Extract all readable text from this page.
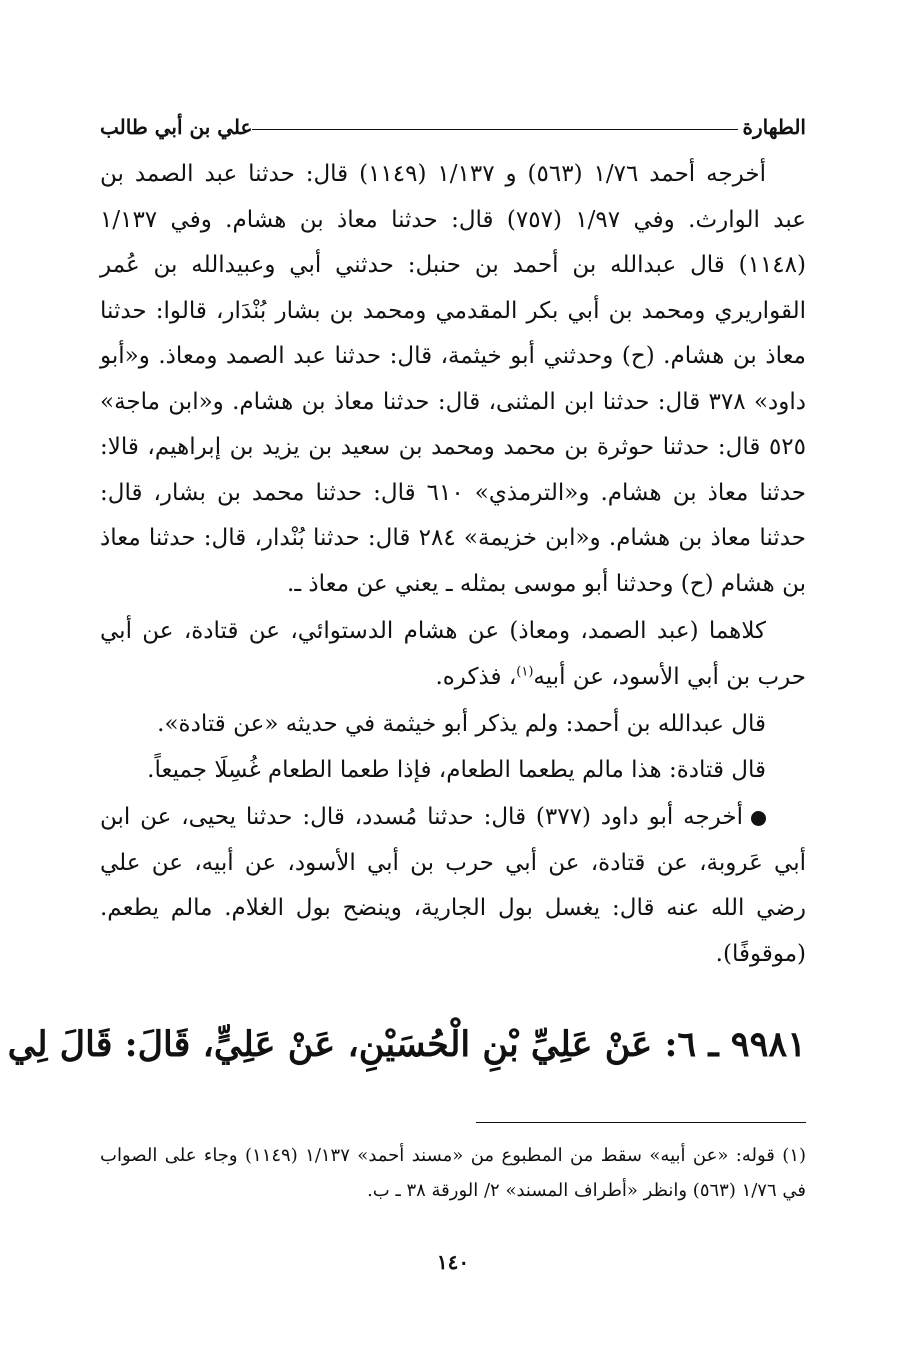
الطهارة
علي بن أبي طالب

أخرجه أحمد ١/٧٦ (٥٦٣) و ١/١٣٧ (١١٤٩) قال: حدثنا عبد الصمد بن عبد الوارث. وفي ١/٩٧ (٧٥٧) قال: حدثنا معاذ بن هشام. وفي ١/١٣٧ (١١٤٨) قال عبدالله بن أحمد بن حنبل: حدثني أبي وعبيدالله بن عُمر القواريري ومحمد بن أبي بكر المقدمي ومحمد بن بشار بُنْدَار، قالوا: حدثنا معاذ بن هشام. (ح) وحدثني أبو خيثمة، قال: حدثنا عبد الصمد ومعاذ. و«أبو داود» ٣٧٨ قال: حدثنا ابن المثنى، قال: حدثنا معاذ بن هشام. و«ابن ماجة» ٥٢٥ قال: حدثنا حوثرة بن محمد ومحمد بن سعيد بن يزيد بن إبراهيم، قالا: حدثنا معاذ بن هشام. و«الترمذي» ٦١٠ قال: حدثنا محمد بن بشار، قال: حدثنا معاذ بن هشام. و«ابن خزيمة» ٢٨٤ قال: حدثنا بُنْدار، قال: حدثنا معاذ بن هشام (ح) وحدثنا أبو موسى بمثله ـ يعني عن معاذ ـ.

كلاهما (عبد الصمد، ومعاذ) عن هشام الدستوائي، عن قتادة، عن أبي حرب بن أبي الأسود، عن أبيه$^{(١)}$، فذكره.

قال عبدالله بن أحمد: ولم يذكر أبو خيثمة في حديثه «عن قتادة».

قال قتادة: هذا مالم يطعما الطعام، فإذا طعما الطعام غُسِلَا جميعاً.

أخرجه أبو داود (٣٧٧) قال: حدثنا مُسدد، قال: حدثنا يحيى، عن ابن أبي عَروبة، عن قتادة، عن أبي حرب بن أبي الأسود، عن أبيه، عن علي رضي الله عنه قال: يغسل بول الجارية، وينضح بول الغلام. مالم يطعم. (موقوفًا).

٩٩٨١ ـ ٦: عَنْ عَلِيِّ بْنِ الْحُسَيْنِ، عَنْ عَلِيٍّ، قَالَ: قَالَ لِي
(١) قوله: «عن أبيه» سقط من المطبوع من «مسند أحمد» ١/١٣٧ (١١٤٩) وجاء على الصواب في ١/٧٦ (٥٦٣) وانظر «أطراف المسند» ٢/ الورقة ٣٨ ـ ب.
١٤٠
